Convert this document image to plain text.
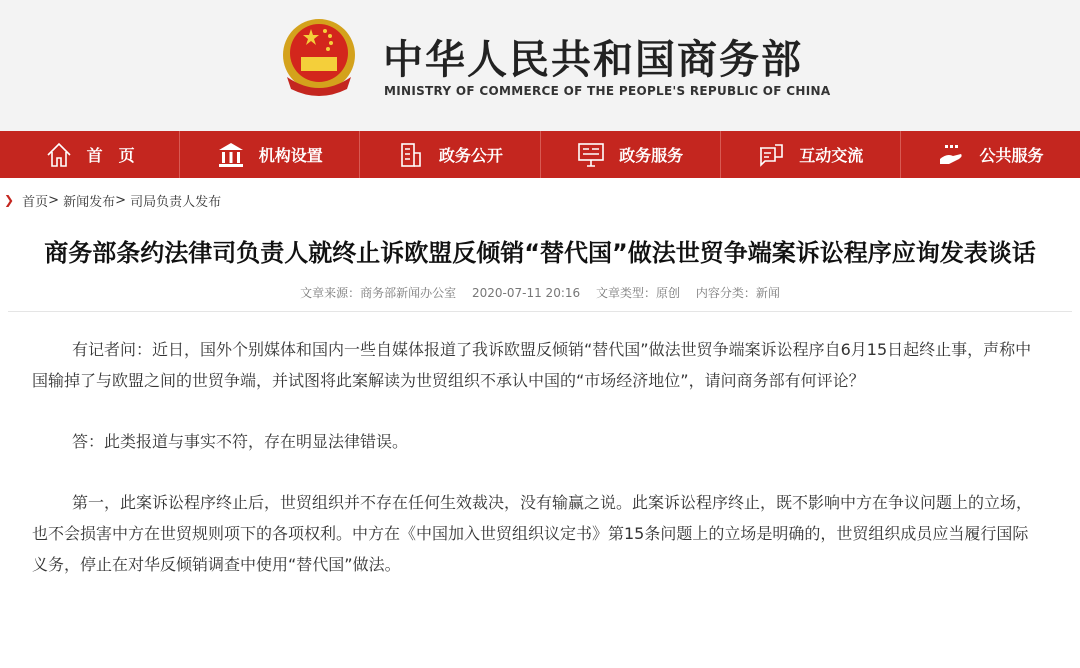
中华人民共和国商务部
MINISTRY OF COMMERCE OF THE PEOPLE'S REPUBLIC OF CHINA
首　页	机构设置	政务公开	政务服务	互动交流	公共服务
❯ 首页 > 新闻发布 > 司局负责人发布
商务部条约法律司负责人就终止诉欧盟反倾销“替代国”做法世贸争端案诉讼程序应询发表谈话
文章来源：商务部新闻办公室 2020-07-11 20:16 文章类型：原创 内容分类：新闻

有记者问：近日，国外个别媒体和国内一些自媒体报道了我诉欧盟反倾销“替代国”做法世贸争端案诉讼程序自6月15日起终止事，声称中国输掉了与欧盟之间的世贸争端，并试图将此案解读为世贸组织不承认中国的“市场经济地位”，请问商务部有何评论？

答：此类报道与事实不符，存在明显法律错误。

第一，此案诉讼程序终止后，世贸组织并不存在任何生效裁决，没有输赢之说。此案诉讼程序终止，既不影响中方在争议问题上的立场，也不会损害中方在世贸规则项下的各项权利。中方在《中国加入世贸组织议定书》第15条问题上的立场是明确的，世贸组织成员应当履行国际义务，停止在对华反倾销调查中使用“替代国”做法。
